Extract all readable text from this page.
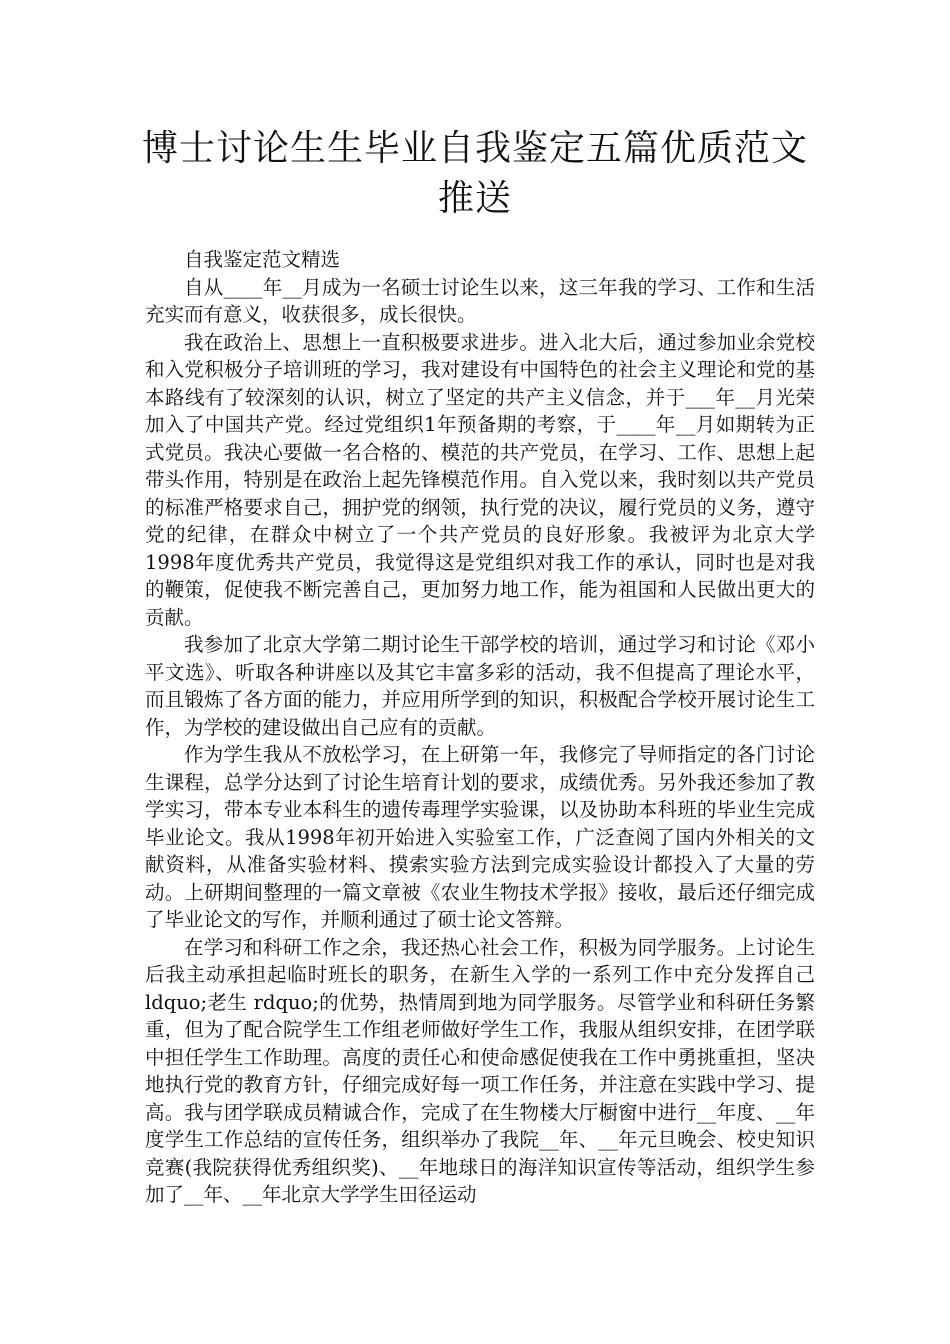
博士讨论生生毕业自我鉴定五篇优质范文
推送

自我鉴定范文精选

自从____年__月成为一名硕士讨论生以来，这三年我的学习、工作和生活充实而有意义，收获很多，成长很快。

我在政治上、思想上一直积极要求进步。进入北大后，通过参加业余党校和入党积极分子培训班的学习，我对建设有中国特色的社会主义理论和党的基本路线有了较深刻的认识，树立了坚定的共产主义信念，并于___年__月光荣加入了中国共产党。经过党组织1年预备期的考察，于____年__月如期转为正式党员。我决心要做一名合格的、模范的共产党员，在学习、工作、思想上起带头作用，特别是在政治上起先锋模范作用。自入党以来，我时刻以共产党员的标准严格要求自己，拥护党的纲领，执行党的决议，履行党员的义务，遵守党的纪律，在群众中树立了一个共产党员的良好形象。我被评为北京大学1998年度优秀共产党员，我觉得这是党组织对我工作的承认，同时也是对我的鞭策，促使我不断完善自己，更加努力地工作，能为祖国和人民做出更大的贡献。

我参加了北京大学第二期讨论生干部学校的培训，通过学习和讨论《邓小平文选》、听取各种讲座以及其它丰富多彩的活动，我不但提高了理论水平，而且锻炼了各方面的能力，并应用所学到的知识，积极配合学校开展讨论生工作，为学校的建设做出自己应有的贡献。

作为学生我从不放松学习，在上研第一年，我修完了导师指定的各门讨论生课程，总学分达到了讨论生培育计划的要求，成绩优秀。另外我还参加了教学实习，带本专业本科生的遗传毒理学实验课，以及协助本科班的毕业生完成毕业论文。我从1998年初开始进入实验室工作，广泛查阅了国内外相关的文献资料，从准备实验材料、摸索实验方法到完成实验设计都投入了大量的劳动。上研期间整理的一篇文章被《农业生物技术学报》接收，最后还仔细完成了毕业论文的写作，并顺利通过了硕士论文答辩。

在学习和科研工作之余，我还热心社会工作，积极为同学服务。上讨论生后我主动承担起临时班长的职务，在新生入学的一系列工作中充分发挥自己 ldquo;老生 rdquo;的优势，热情周到地为同学服务。尽管学业和科研任务繁重，但为了配合院学生工作组老师做好学生工作，我服从组织安排，在团学联中担任学生工作助理。高度的责任心和使命感促使我在工作中勇挑重担，坚决地执行党的教育方针，仔细完成好每一项工作任务，并注意在实践中学习、提高。我与团学联成员精诚合作，完成了在生物楼大厅橱窗中进行__年度、__年度学生工作总结的宣传任务，组织举办了我院__年、__年元旦晚会、校史知识竞赛(我院获得优秀组织奖)、__年地球日的海洋知识宣传等活动，组织学生参加了__年、__年北京大学学生田径运动
